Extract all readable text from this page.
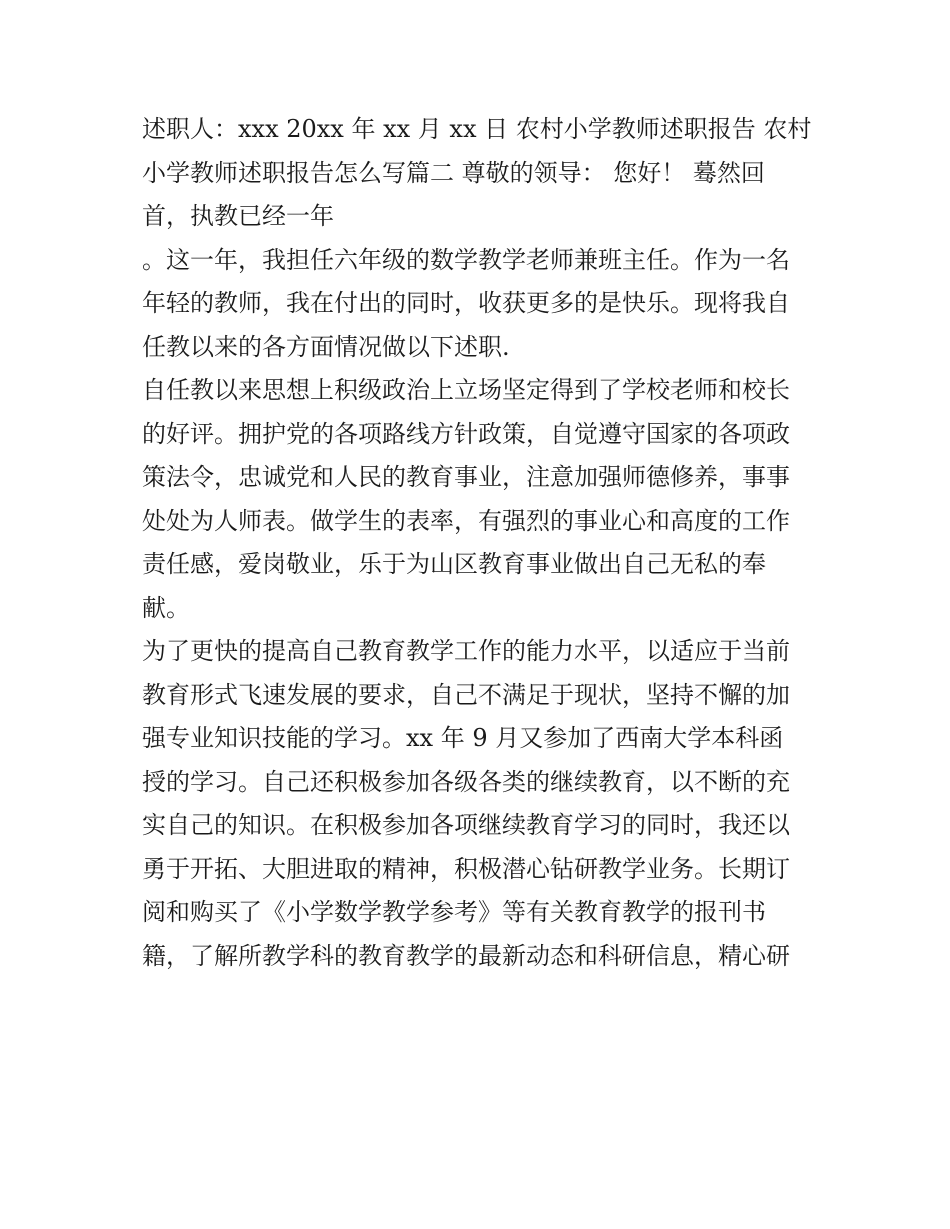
述职人：xxx 20xx 年 xx 月 xx 日 农村小学教师述职报告 农村
小学教师述职报告怎么写篇二 尊敬的领导： 您好！ 蓦然回
首，执教已经一年
。这一年，我担任六年级的数学教学老师兼班主任。作为一名
年轻的教师，我在付出的同时，收获更多的是快乐。现将我自
任教以来的各方面情况做以下述职.
自任教以来思想上积级政治上立场坚定得到了学校老师和校长
的好评。拥护党的各项路线方针政策，自觉遵守国家的各项政
策法令，忠诚党和人民的教育事业，注意加强师德修养，事事
处处为人师表。做学生的表率，有强烈的事业心和高度的工作
责任感，爱岗敬业，乐于为山区教育事业做出自己无私的奉
献。
为了更快的提高自己教育教学工作的能力水平，以适应于当前
教育形式飞速发展的要求，自己不满足于现状，坚持不懈的加
强专业知识技能的学习。xx 年 9 月又参加了西南大学本科函
授的学习。自己还积极参加各级各类的继续教育，以不断的充
实自己的知识。在积极参加各项继续教育学习的同时，我还以
勇于开拓、大胆进取的精神，积极潜心钻研教学业务。长期订
阅和购买了《小学数学教学参考》等有关教育教学的报刊书
籍，了解所教学科的教育教学的最新动态和科研信息，精心研
